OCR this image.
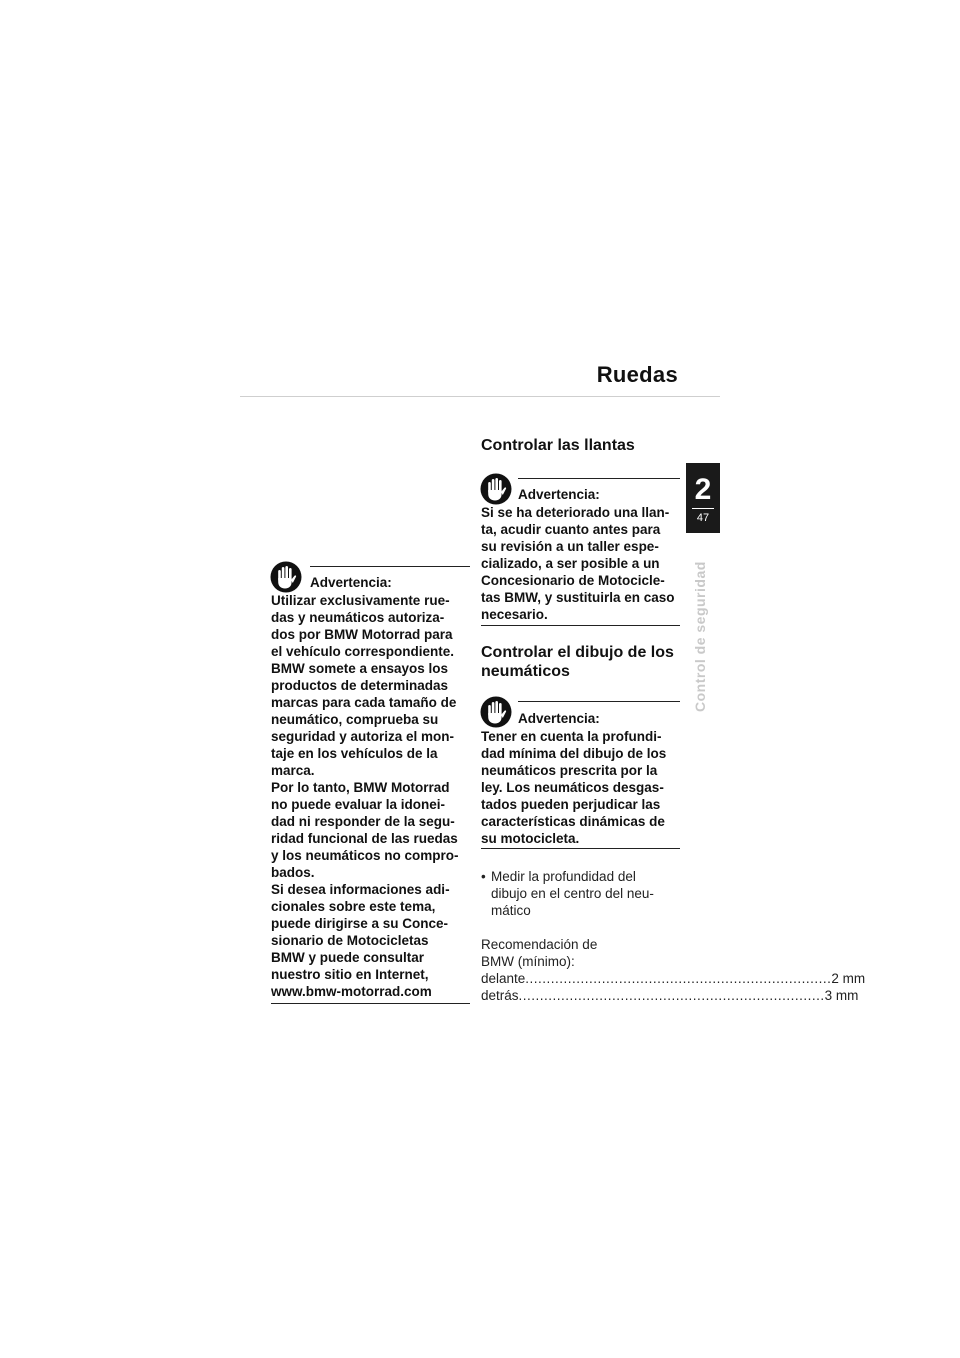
Ruedas
2
47
Control de seguridad
Advertencia:

Utilizar exclusivamente rue-
das y neumáticos autoriza-
dos por BMW Motorrad para
el vehículo correspondiente.
BMW somete a ensayos los
productos de determinadas
marcas para cada tamaño de
neumático, comprueba su
seguridad y autoriza el mon-
taje en los vehículos de la
marca.
Por lo tanto, BMW Motorrad
no puede evaluar la idonei-
dad ni responder de la segu-
ridad funcional de las ruedas
y los neumáticos no compro-
bados.
Si desea informaciones adi-
cionales sobre este tema,
puede dirigirse a su Conce-
sionario de Motocicletas
BMW y puede consultar
nuestro sitio en Internet,
www.bmw-motorrad.com

Controlar las llantas
Advertencia:

Si se ha deteriorado una llan-
ta, acudir cuanto antes para
su revisión a un taller espe-
cializado, a ser posible a un
Concesionario de Motocicle-
tas BMW, y sustituirla en caso
necesario.

Controlar el dibujo de los
neumáticos
Advertencia:

Tener en cuenta la profundi-
dad mínima del dibujo de los
neumáticos prescrita por la
ley. Los neumáticos desgas-
tados pueden perjudicar las
características dinámicas de
su motocicleta.

• Medir la profundidad del
dibujo en el centro del neu-
mático

Recomendación de
BMW (mínimo):

delante ........................................................................ 2 mm
detrás ........................................................................ 3 mm
